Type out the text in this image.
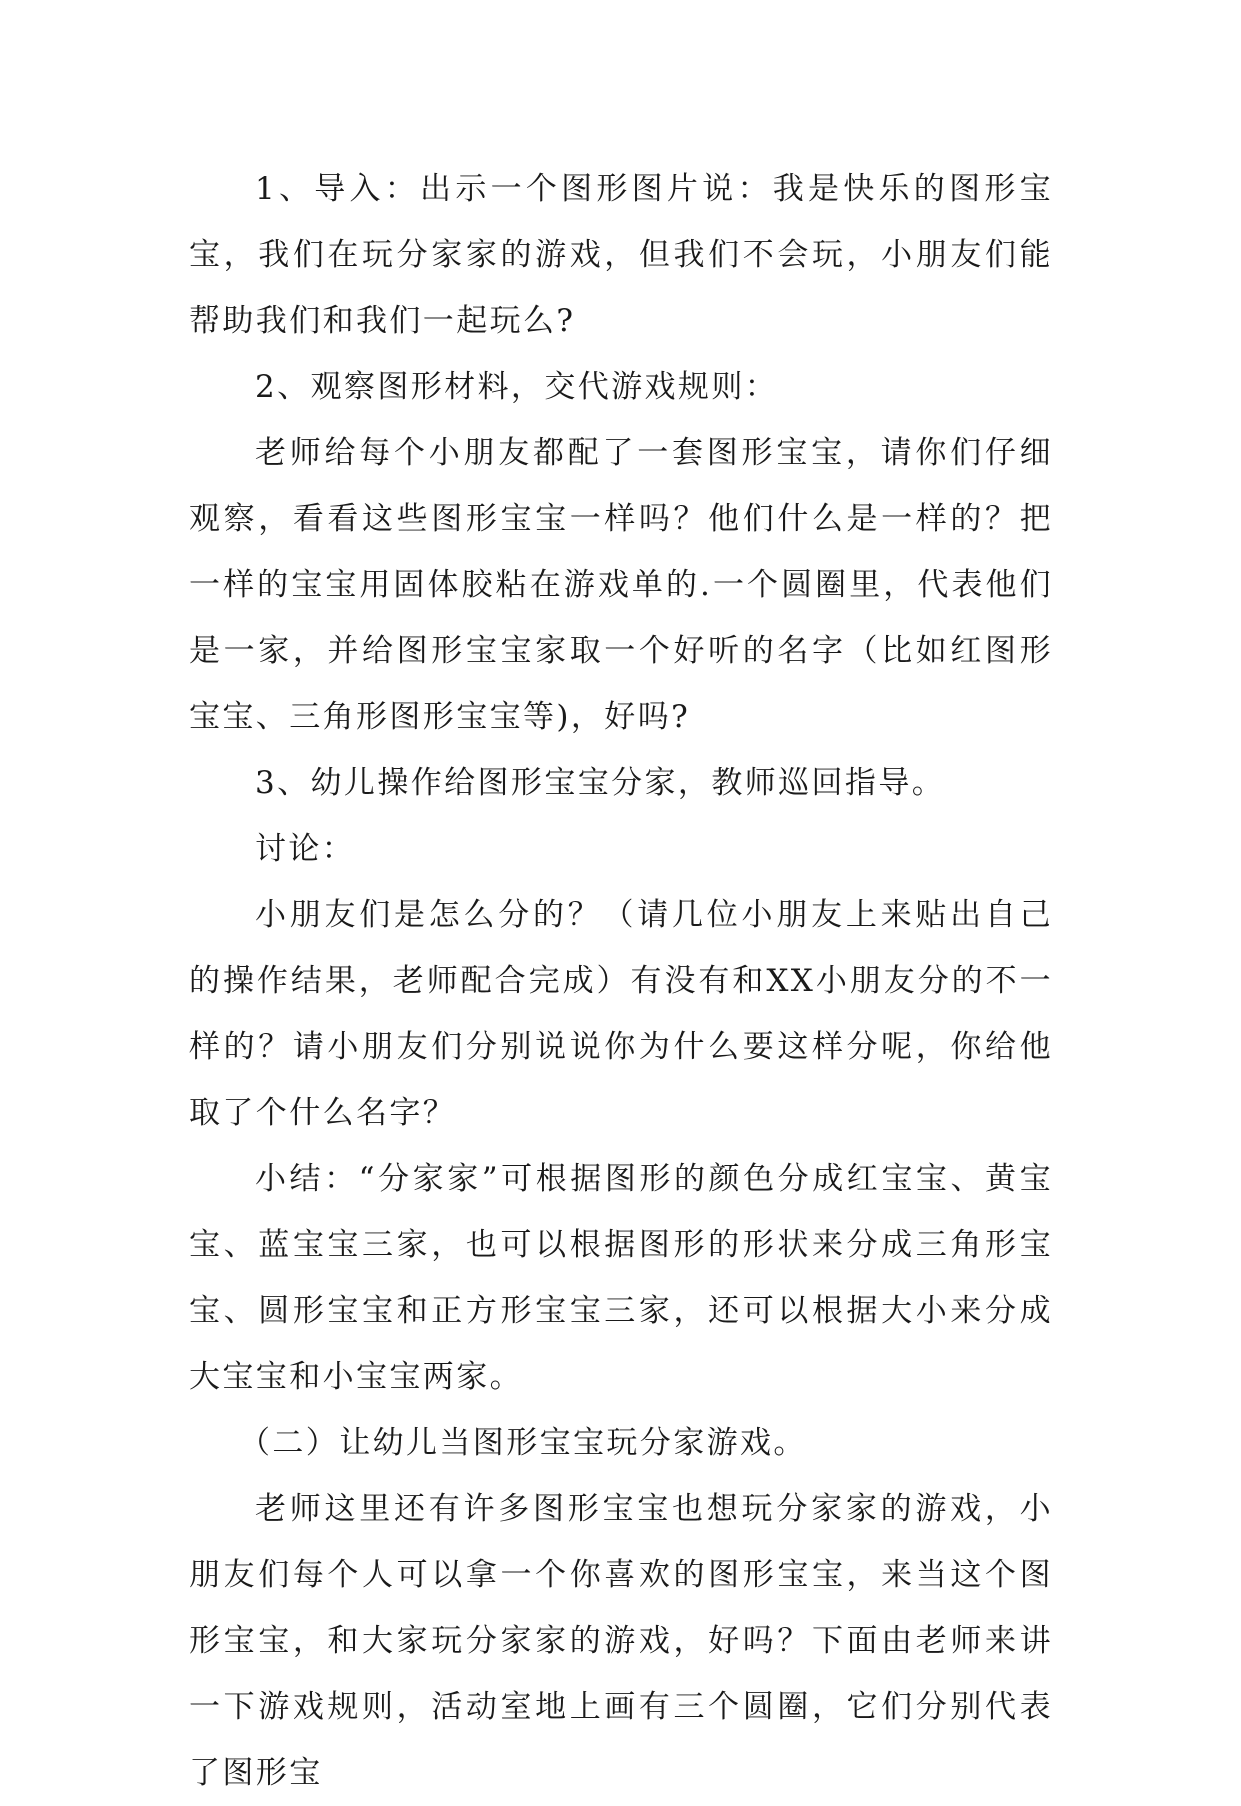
1、导入：出示一个图形图片说：我是快乐的图形宝宝，我们在玩分家家的游戏，但我们不会玩，小朋友们能帮助我们和我们一起玩么?

2、观察图形材料，交代游戏规则：

老师给每个小朋友都配了一套图形宝宝，请你们仔细观察，看看这些图形宝宝一样吗？他们什么是一样的？把一样的宝宝用固体胶粘在游戏单的.一个圆圈里，代表他们是一家，并给图形宝宝家取一个好听的名字（比如红图形宝宝、三角形图形宝宝等)，好吗?

3、幼儿操作给图形宝宝分家，教师巡回指导。

讨论：

小朋友们是怎么分的？（请几位小朋友上来贴出自己的操作结果，老师配合完成）有没有和XX小朋友分的不一样的？请小朋友们分别说说你为什么要这样分呢，你给他取了个什么名字？

小结：“分家家”可根据图形的颜色分成红宝宝、黄宝宝、蓝宝宝三家，也可以根据图形的形状来分成三角形宝宝、圆形宝宝和正方形宝宝三家，还可以根据大小来分成大宝宝和小宝宝两家。

（二）让幼儿当图形宝宝玩分家游戏。

老师这里还有许多图形宝宝也想玩分家家的游戏，小朋友们每个人可以拿一个你喜欢的图形宝宝，来当这个图形宝宝，和大家玩分家家的游戏，好吗？下面由老师来讲一下游戏规则，活动室地上画有三个圆圈，它们分别代表了图形宝
